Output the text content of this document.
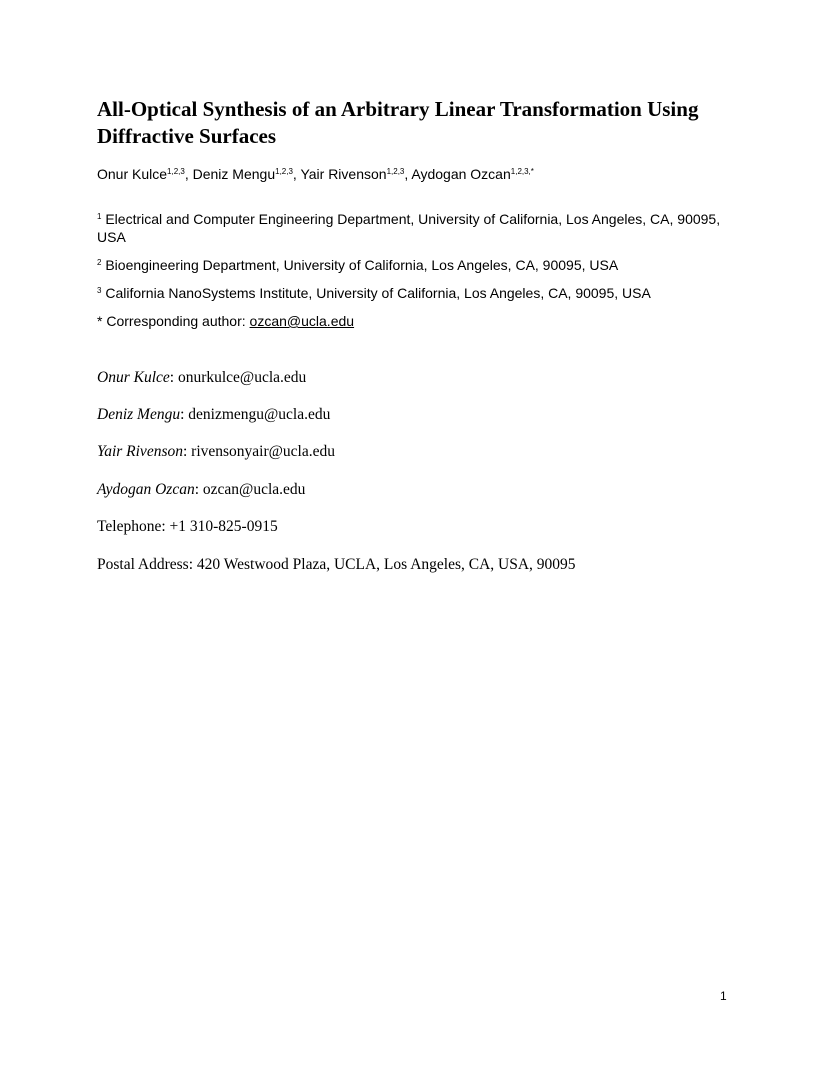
All-Optical Synthesis of an Arbitrary Linear Transformation Using Diffractive Surfaces
Onur Kulce$^{1,2,3}$, Deniz Mengu$^{1,2,3}$, Yair Rivenson$^{1,2,3}$, Aydogan Ozcan$^{1,2,3,*}$
$^1$ Electrical and Computer Engineering Department, University of California, Los Angeles, CA, 90095, USA
$^2$ Bioengineering Department, University of California, Los Angeles, CA, 90095, USA
$^3$ California NanoSystems Institute, University of California, Los Angeles, CA, 90095, USA
* Corresponding author: ozcan@ucla.edu
Onur Kulce: onurkulce@ucla.edu
Deniz Mengu: denizmengu@ucla.edu
Yair Rivenson: rivensonyair@ucla.edu
Aydogan Ozcan: ozcan@ucla.edu
Telephone: +1 310-825-0915
Postal Address: 420 Westwood Plaza, UCLA, Los Angeles, CA, USA, 90095
1
